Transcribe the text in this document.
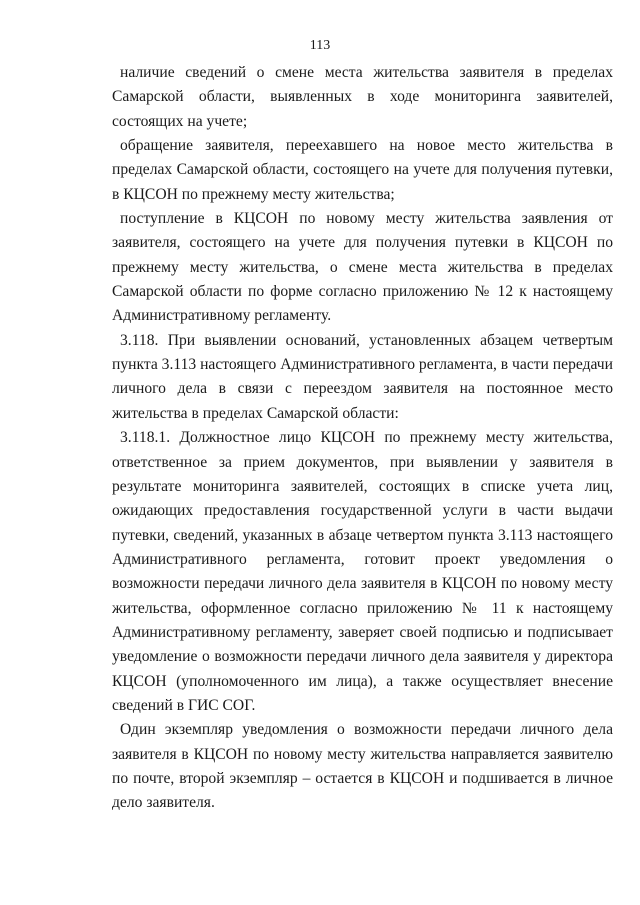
113

наличие сведений о смене места жительства заявителя в пределах Самарской области, выявленных в ходе мониторинга заявителей, состоящих на учете;

обращение заявителя, переехавшего на новое место жительства в пределах Самарской области, состоящего на учете для получения путевки, в КЦСОН по прежнему месту жительства;

поступление в КЦСОН по новому месту жительства заявления от заявителя, состоящего на учете для получения путевки в КЦСОН по прежнему месту жительства, о смене места жительства в пределах Самарской области по форме согласно приложению № 12 к настоящему Административному регламенту.

3.118. При выявлении оснований, установленных абзацем четвертым пункта 3.113 настоящего Административного регламента, в части передачи личного дела в связи с переездом заявителя на постоянное место жительства в пределах Самарской области:

3.118.1. Должностное лицо КЦСОН по прежнему месту жительства, ответственное за прием документов, при выявлении у заявителя в результате мониторинга заявителей, состоящих в списке учета лиц, ожидающих предоставления государственной услуги в части выдачи путевки, сведений, указанных в абзаце четвертом пункта 3.113 настоящего Административного регламента, готовит проект уведомления о возможности передачи личного дела заявителя в КЦСОН по новому месту жительства, оформленное согласно приложению № 11 к настоящему Административному регламенту, заверяет своей подписью и подписывает уведомление о возможности передачи личного дела заявителя у директора КЦСОН (уполномоченного им лица), а также осуществляет внесение сведений в ГИС СОГ.

Один экземпляр уведомления о возможности передачи личного дела заявителя в КЦСОН по новому месту жительства направляется заявителю по почте, второй экземпляр – остается в КЦСОН и подшивается в личное дело заявителя.
